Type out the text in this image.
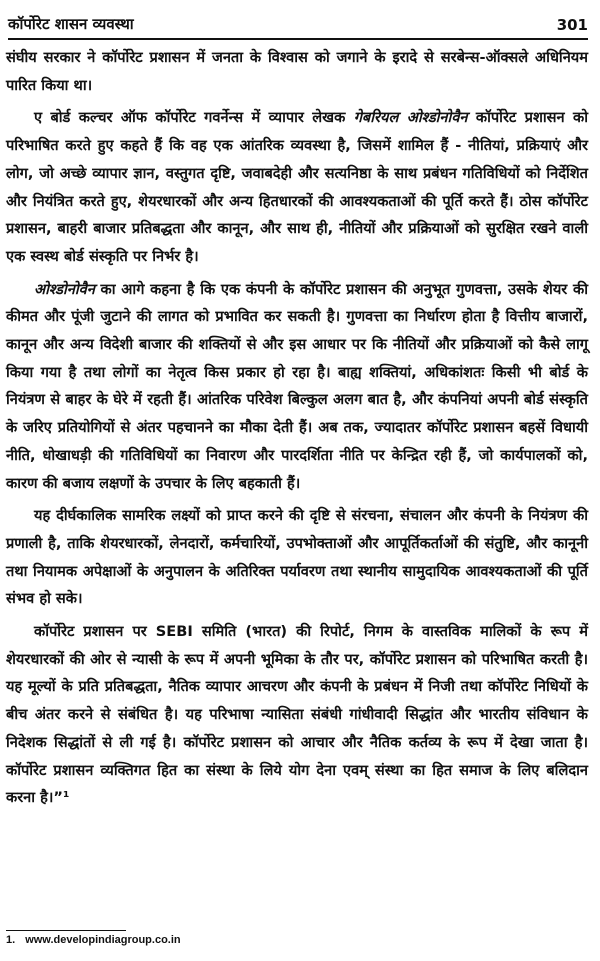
कॉर्पोरेट शासन व्यवस्था	301

संघीय सरकार ने कॉर्पोरेट प्रशासन में जनता के विश्वास को जगाने के इरादे से सरबेन्स-ऑक्सले अधिनियम पारित किया था।

ए बोर्ड कल्चर ऑफ कॉर्पोरेट गवर्नेन्स में व्यापार लेखक गेबरियल ओश्डोनोवैन कॉर्पोरेट प्रशासन को परिभाषित करते हुए कहते हैं कि वह एक आंतरिक व्यवस्था है, जिसमें शामिल हैं - नीतियां, प्रक्रियाएं और लोग, जो अच्छे व्यापार ज्ञान, वस्तुगत दृष्टि, जवाबदेही और सत्यनिष्ठा के साथ प्रबंधन गतिविधियों को निर्देशित और नियंत्रित करते हुए, शेयरधारकों और अन्य हितधारकों की आवश्यकताओं की पूर्ति करते हैं। ठोस कॉर्पोरेट प्रशासन, बाहरी बाजार प्रतिबद्धता और कानून, और साथ ही, नीतियों और प्रक्रियाओं को सुरक्षित रखने वाली एक स्वस्थ बोर्ड संस्कृति पर निर्भर है।

ओश्डोनोवैन का आगे कहना है कि एक कंपनी के कॉर्पोरेट प्रशासन की अनुभूत गुणवत्ता, उसके शेयर की कीमत और पूंजी जुटाने की लागत को प्रभावित कर सकती है। गुणवत्ता का निर्धारण होता है वित्तीय बाजारों, कानून और अन्य विदेशी बाजार की शक्तियों से और इस आधार पर कि नीतियों और प्रक्रियाओं को कैसे लागू किया गया है तथा लोगों का नेतृत्व किस प्रकार हो रहा है। बाह्य शक्तियां, अधिकांशतः किसी भी बोर्ड के नियंत्रण से बाहर के घेरे में रहती हैं। आंतरिक परिवेश बिल्कुल अलग बात है, और कंपनियां अपनी बोर्ड संस्कृति के जरिए प्रतियोगियों से अंतर पहचानने का मौका देती हैं। अब तक, ज्यादातर कॉर्पोरेट प्रशासन बहसें विधायी नीति, धोखाधड़ी की गतिविधियों का निवारण और पारदर्शिता नीति पर केन्द्रित रही हैं, जो कार्यपालकों को, कारण की बजाय लक्षणों के उपचार के लिए बहकाती हैं।

यह दीर्घकालिक सामरिक लक्ष्यों को प्राप्त करने की दृष्टि से संरचना, संचालन और कंपनी के नियंत्रण की प्रणाली है, ताकि शेयरधारकों, लेनदारों, कर्मचारियों, उपभोक्ताओं और आपूर्तिकर्ताओं की संतुष्टि, और कानूनी तथा नियामक अपेक्षाओं के अनुपालन के अतिरिक्त पर्यावरण तथा स्थानीय सामुदायिक आवश्यकताओं की पूर्ति संभव हो सके।

कॉर्पोरेट प्रशासन पर SEBI समिति (भारत) की रिपोर्ट, निगम के वास्तविक मालिकों के रूप में शेयरधारकों की ओर से न्यासी के रूप में अपनी भूमिका के तौर पर, कॉर्पोरेट प्रशासन को परिभाषित करती है। यह मूल्यों के प्रति प्रतिबद्धता, नैतिक व्यापार आचरण और कंपनी के प्रबंधन में निजी तथा कॉर्पोरेट निधियों के बीच अंतर करने से संबंधित है। यह परिभाषा न्यासिता संबंधी गांधीवादी सिद्धांत और भारतीय संविधान के निदेशक सिद्धांतों से ली गई है। कॉर्पोरेट प्रशासन को आचार और नैतिक कर्तव्य के रूप में देखा जाता है। कॉर्पोरेट प्रशासन व्यक्तिगत हित का संस्था के लिये योग देना एवम् संस्था का हित समाज के लिए बलिदान करना है।”¹

1. www.developindiagroup.co.in
